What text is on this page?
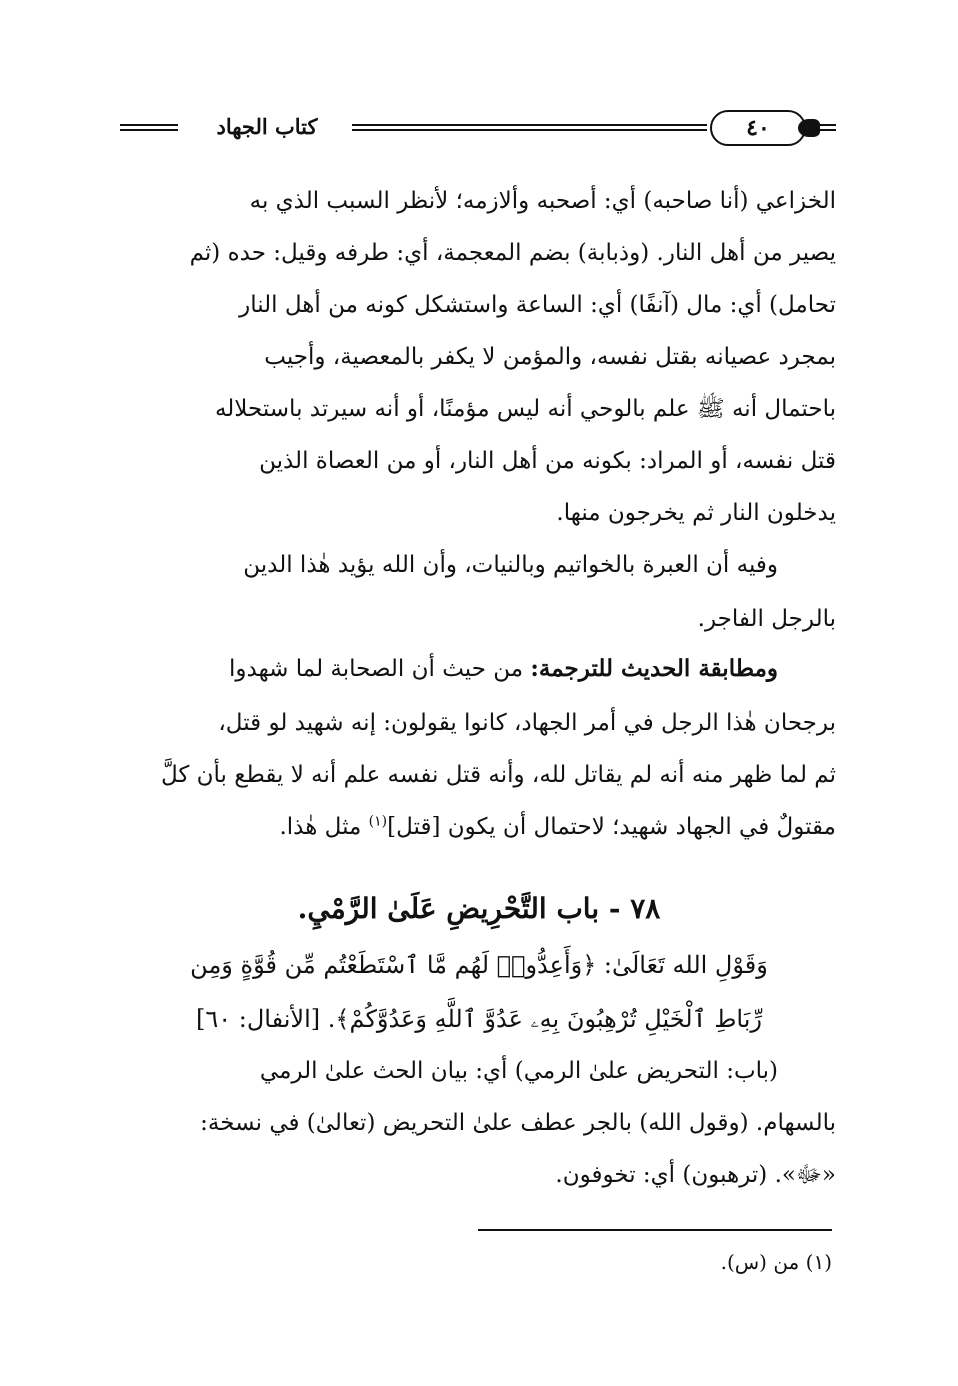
كتاب الجهاد	٤٠
الخزاعي (أنا صاحبه) أي: أصحبه وألازمه؛ لأنظر السبب الذي به
يصير من أهل النار. (وذبابة) بضم المعجمة، أي: طرفه وقيل: حده (ثم
تحامل) أي: مال (آنفًا) أي: الساعة واستشكل كونه من أهل النار
بمجرد عصيانه بقتل نفسه، والمؤمن لا يكفر بالمعصية، وأجيب
باحتمال أنه ﷺ علم بالوحي أنه ليس مؤمنًا، أو أنه سيرتد باستحلاله
قتل نفسه، أو المراد: بكونه من أهل النار، أو من العصاة الذين
يدخلون النار ثم يخرجون منها.
وفيه أن العبرة بالخواتيم وبالنيات، وأن الله يؤيد هٰذا الدين
بالرجل الفاجر.
ومطابقة الحديث للترجمة: من حيث أن الصحابة لما شهدوا
برجحان هٰذا الرجل في أمر الجهاد، كانوا يقولون: إنه شهيد لو قتل،
ثم لما ظهر منه أنه لم يقاتل لله، وأنه قتل نفسه علم أنه لا يقطع بأن كلَّ
مقتولٌ في الجهاد شهيد؛ لاحتمال أن يكون [قتل]$^{(١)}$ مثل هٰذا.
٧٨ - باب التَّحْرِيضِ عَلَىٰ الرَّمْيِ.
وَقَوْلِ الله تَعَالَىٰ: ﴿وَأَعِدُّوا۟ لَهُم مَّا ٱسْتَطَعْتُم مِّن قُوَّةٍ وَمِن
رِّبَاطِ ٱلْخَيْلِ تُرْهِبُونَ بِهِۦ عَدُوَّ ٱللَّهِ وَعَدُوَّكُمْ﴾. [الأنفال: ٦٠]
(باب: التحريض علىٰ الرمي) أي: بيان الحث علىٰ الرمي
بالسهام. (وقول الله) بالجر عطف علىٰ التحريض (تعالىٰ) في نسخة:
«ﷻ». (ترهبون) أي: تخوفون.
(١) من (س).
